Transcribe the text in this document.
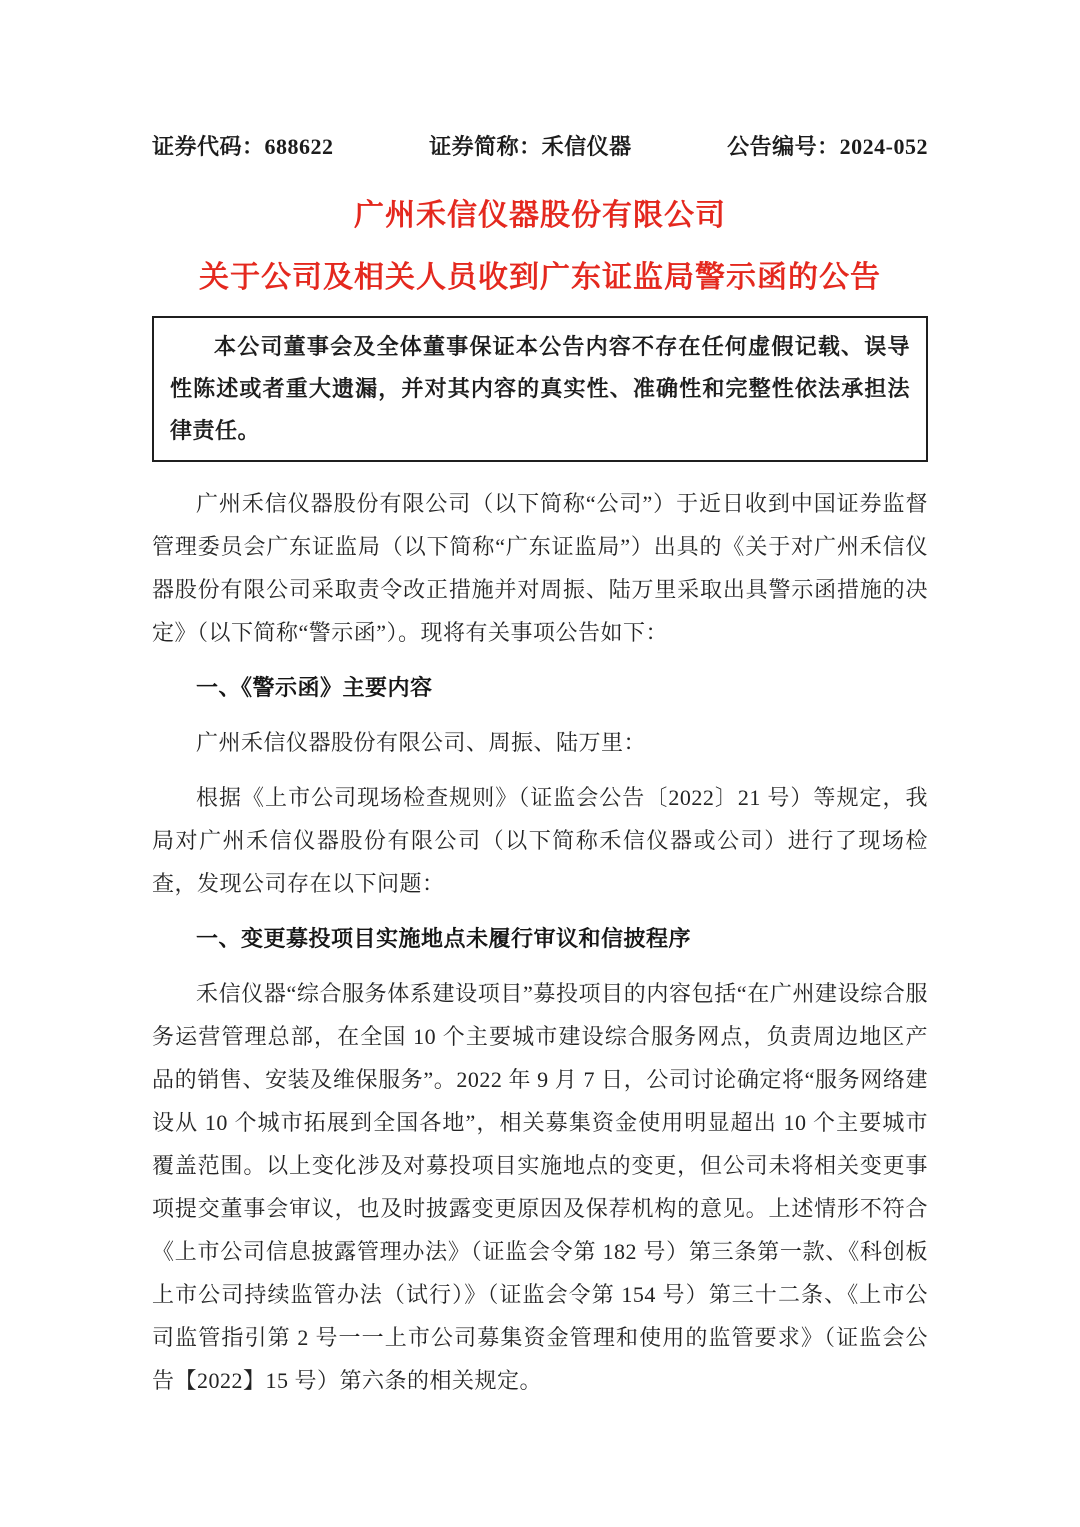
证券代码：688622	证券简称：禾信仪器	公告编号：2024-052
广州禾信仪器股份有限公司
关于公司及相关人员收到广东证监局警示函的公告

本公司董事会及全体董事保证本公告内容不存在任何虚假记载、误导性陈述或者重大遗漏，并对其内容的真实性、准确性和完整性依法承担法律责任。

广州禾信仪器股份有限公司（以下简称“公司”）于近日收到中国证券监督管理委员会广东证监局（以下简称“广东证监局”）出具的《关于对广州禾信仪器股份有限公司采取责令改正措施并对周振、陆万里采取出具警示函措施的决定》（以下简称“警示函”）。现将有关事项公告如下：

一、《警示函》主要内容

广州禾信仪器股份有限公司、周振、陆万里：

根据《上市公司现场检查规则》（证监会公告〔2022〕21 号）等规定，我局对广州禾信仪器股份有限公司（以下简称禾信仪器或公司）进行了现场检查，发现公司存在以下问题：

一、变更募投项目实施地点未履行审议和信披程序

禾信仪器“综合服务体系建设项目”募投项目的内容包括“在广州建设综合服务运营管理总部，在全国 10 个主要城市建设综合服务网点，负责周边地区产品的销售、安装及维保服务”。2022 年 9 月 7 日，公司讨论确定将“服务网络建设从 10 个城市拓展到全国各地”，相关募集资金使用明显超出 10 个主要城市覆盖范围。以上变化涉及对募投项目实施地点的变更，但公司未将相关变更事项提交董事会审议，也及时披露变更原因及保荐机构的意见。上述情形不符合《上市公司信息披露管理办法》（证监会令第 182 号）第三条第一款、《科创板上市公司持续监管办法（试行）》（证监会令第 154 号）第三十二条、《上市公司监管指引第 2 号一一上市公司募集资金管理和使用的监管要求》（证监会公告【2022】15 号）第六条的相关规定。
